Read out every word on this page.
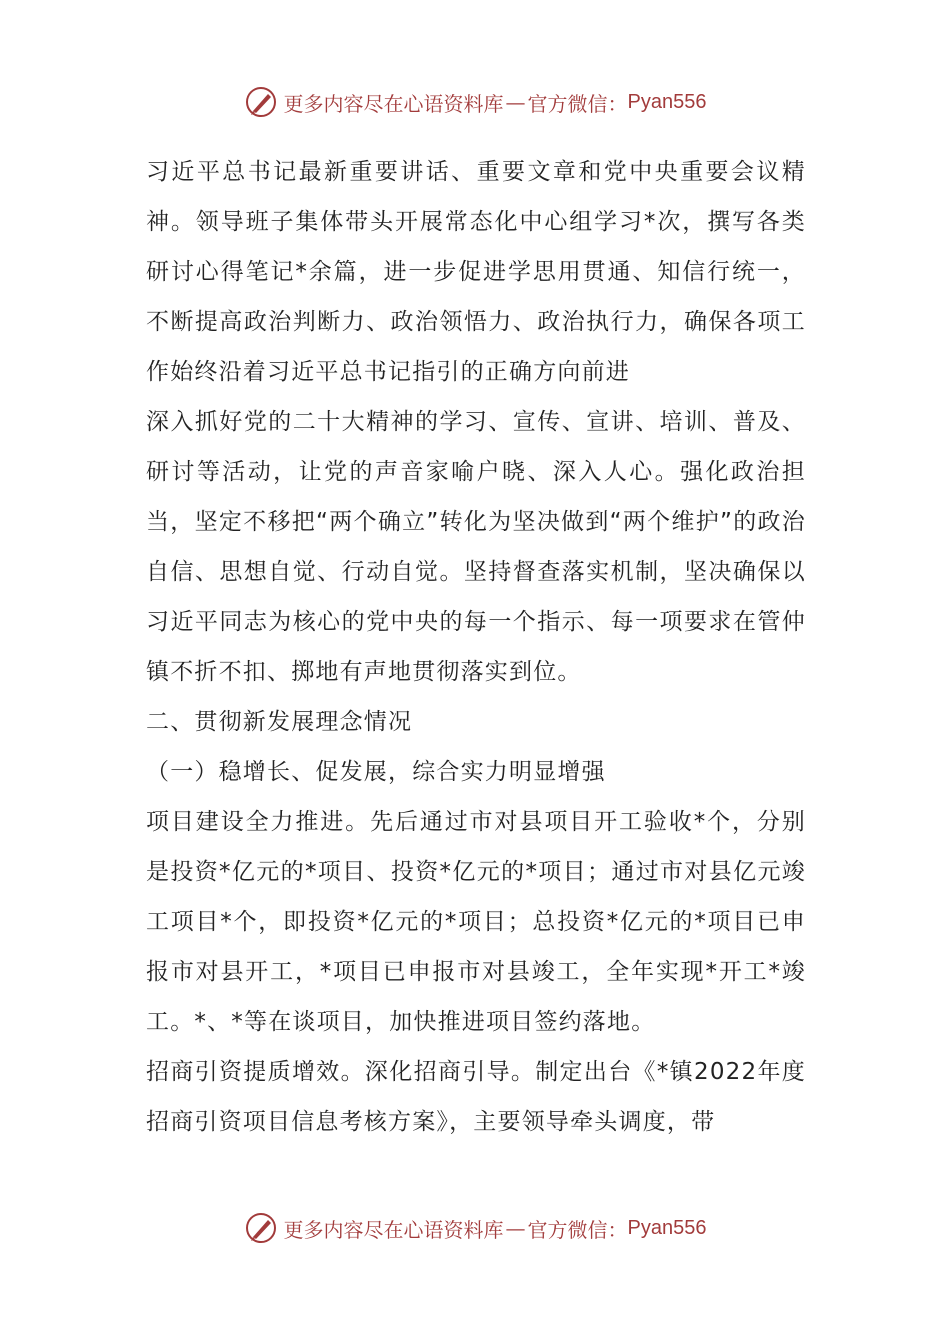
更多内容尽在心语资料库 — 官方微信： Pyan556

习近平总书记最新重要讲话、重要文章和党中央重要会议精神。领导班子集体带头开展常态化中心组学习*次，撰写各类研讨心得笔记*余篇，进一步促进学思用贯通、知信行统一，不断提高政治判断力、政治领悟力、政治执行力，确保各项工作始终沿着习近平总书记指引的正确方向前进

深入抓好党的二十大精神的学习、宣传、宣讲、培训、普及、研讨等活动，让党的声音家喻户晓、深入人心。强化政治担当，坚定不移把“两个确立”转化为坚决做到“两个维护”的政治自信、思想自觉、行动自觉。坚持督查落实机制，坚决确保以习近平同志为核心的党中央的每一个指示、每一项要求在管仲镇不折不扣、掷地有声地贯彻落实到位。

二、贯彻新发展理念情况

（一）稳增长、促发展，综合实力明显增强

项目建设全力推进。先后通过市对县项目开工验收*个，分别是投资*亿元的*项目、投资*亿元的*项目；通过市对县亿元竣工项目*个，即投资*亿元的*项目；总投资*亿元的*项目已申报市对县开工，*项目已申报市对县竣工，全年实现*开工*竣工。*、*等在谈项目，加快推进项目签约落地。

招商引资提质增效。深化招商引导。制定出台《*镇2022年度招商引资项目信息考核方案》，主要领导牵头调度，带

更多内容尽在心语资料库 — 官方微信： Pyan556
